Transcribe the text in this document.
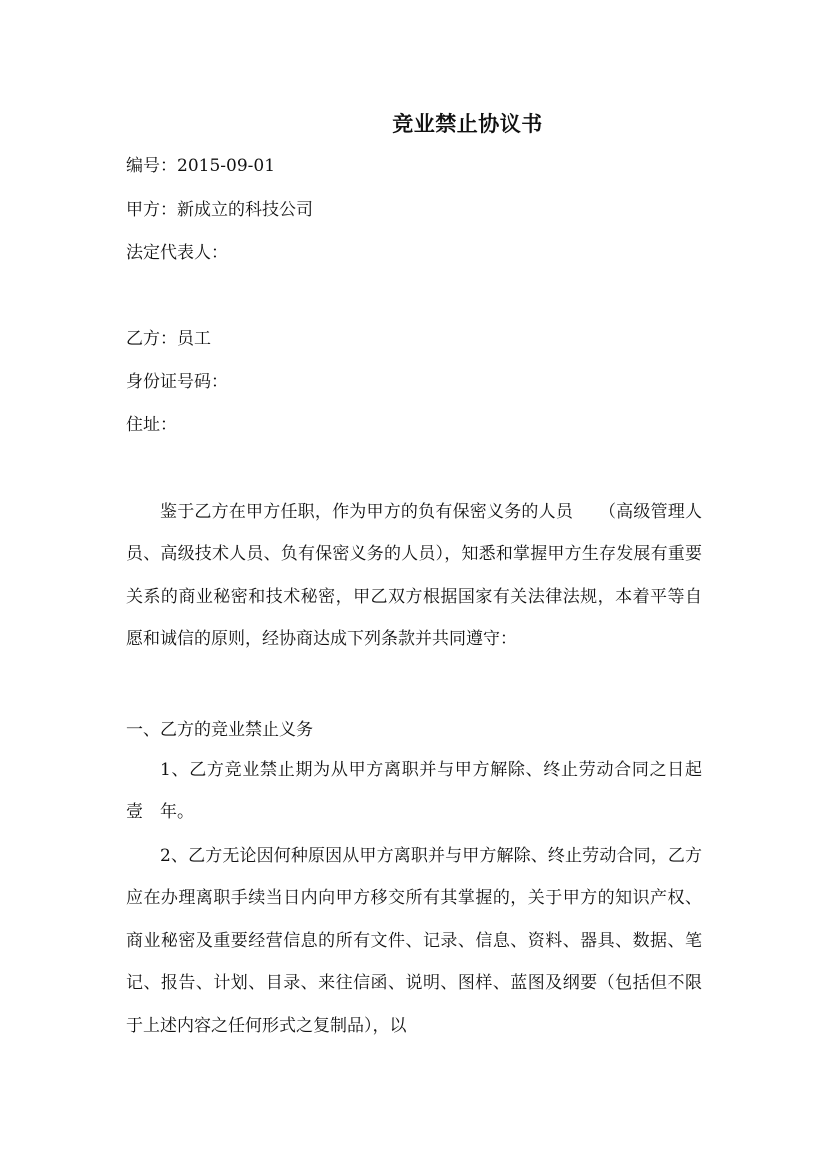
竞业禁止协议书
编号：2015-09-01
甲方：新成立的科技公司
法定代表人：
乙方：员工
身份证号码：
住址：
鉴于乙方在甲方任职，作为甲方的负有保密义务的人员　　（高级管理人员、高级技术人员、负有保密义务的人员），知悉和掌握甲方生存发展有重要关系的商业秘密和技术秘密，甲乙双方根据国家有关法律法规，本着平等自愿和诚信的原则，经协商达成下列条款并共同遵守：
一、乙方的竞业禁止义务
1、乙方竞业禁止期为从甲方离职并与甲方解除、终止劳动合同之日起　壹　年。
2、乙方无论因何种原因从甲方离职并与甲方解除、终止劳动合同，乙方应在办理离职手续当日内向甲方移交所有其掌握的，关于甲方的知识产权、商业秘密及重要经营信息的所有文件、记录、信息、资料、器具、数据、笔记、报告、计划、目录、来往信函、说明、图样、蓝图及纲要（包括但不限于上述内容之任何形式之复制品），以
